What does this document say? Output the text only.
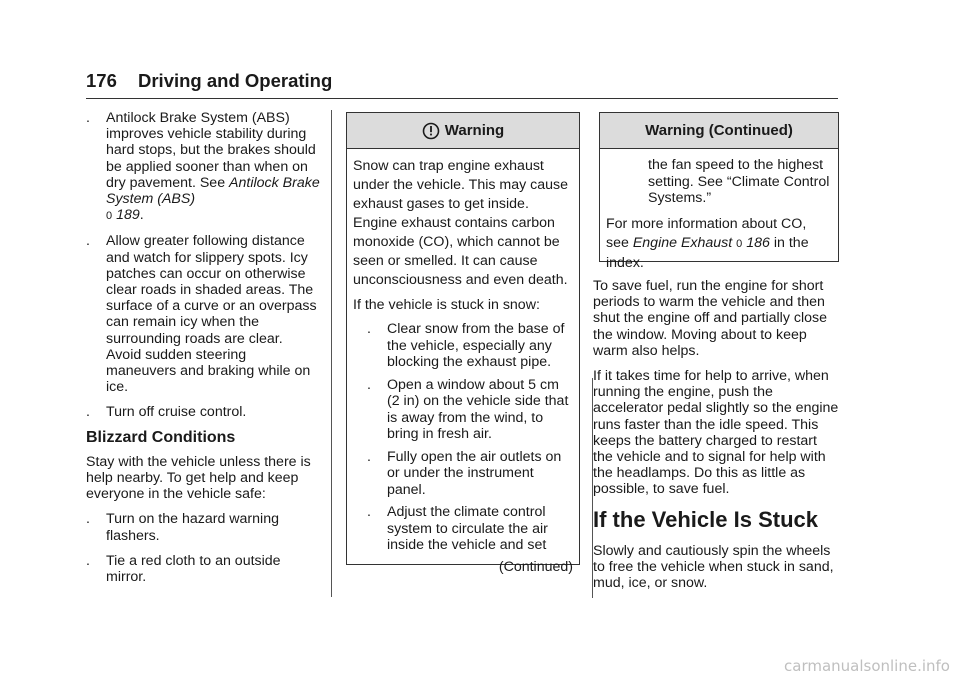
176 Driving and Operating
.	Antilock Brake System (ABS) improves vehicle stability during hard stops, but the brakes should be applied sooner than when on dry pavement. See Antilock Brake System (ABS)
0 189.
.	Allow greater following distance and watch for slippery spots. Icy patches can occur on otherwise clear roads in shaded areas. The surface of a curve or an overpass can remain icy when the surrounding roads are clear. Avoid sudden steering maneuvers and braking while on ice.
.	Turn off cruise control.
Blizzard Conditions

Stay with the vehicle unless there is help nearby. To get help and keep everyone in the vehicle safe:

.	Turn on the hazard warning flashers.
.	Tie a red cloth to an outside mirror.
Warning

Snow can trap engine exhaust under the vehicle. This may cause exhaust gases to get inside. Engine exhaust contains carbon monoxide (CO), which cannot be seen or smelled. It can cause unconsciousness and even death.

If the vehicle is stuck in snow:

.	Clear snow from the base of the vehicle, especially any blocking the exhaust pipe.
.	Open a window about 5 cm (2 in) on the vehicle side that is away from the wind, to bring in fresh air.
.	Fully open the air outlets on or under the instrument panel.
.	Adjust the climate control system to circulate the air inside the vehicle and set
(Continued)
Warning (Continued)
the fan speed to the highest setting. See “Climate Control Systems.”

For more information about CO, see Engine Exhaust 0 186 in the index.

To save fuel, run the engine for short periods to warm the vehicle and then shut the engine off and partially close the window. Moving about to keep warm also helps.

If it takes time for help to arrive, when running the engine, push the accelerator pedal slightly so the engine runs faster than the idle speed. This keeps the battery charged to restart the vehicle and to signal for help with the headlamps. Do this as little as possible, to save fuel.

If the Vehicle Is Stuck

Slowly and cautiously spin the wheels to free the vehicle when stuck in sand, mud, ice, or snow.

carmanualsonline.info
